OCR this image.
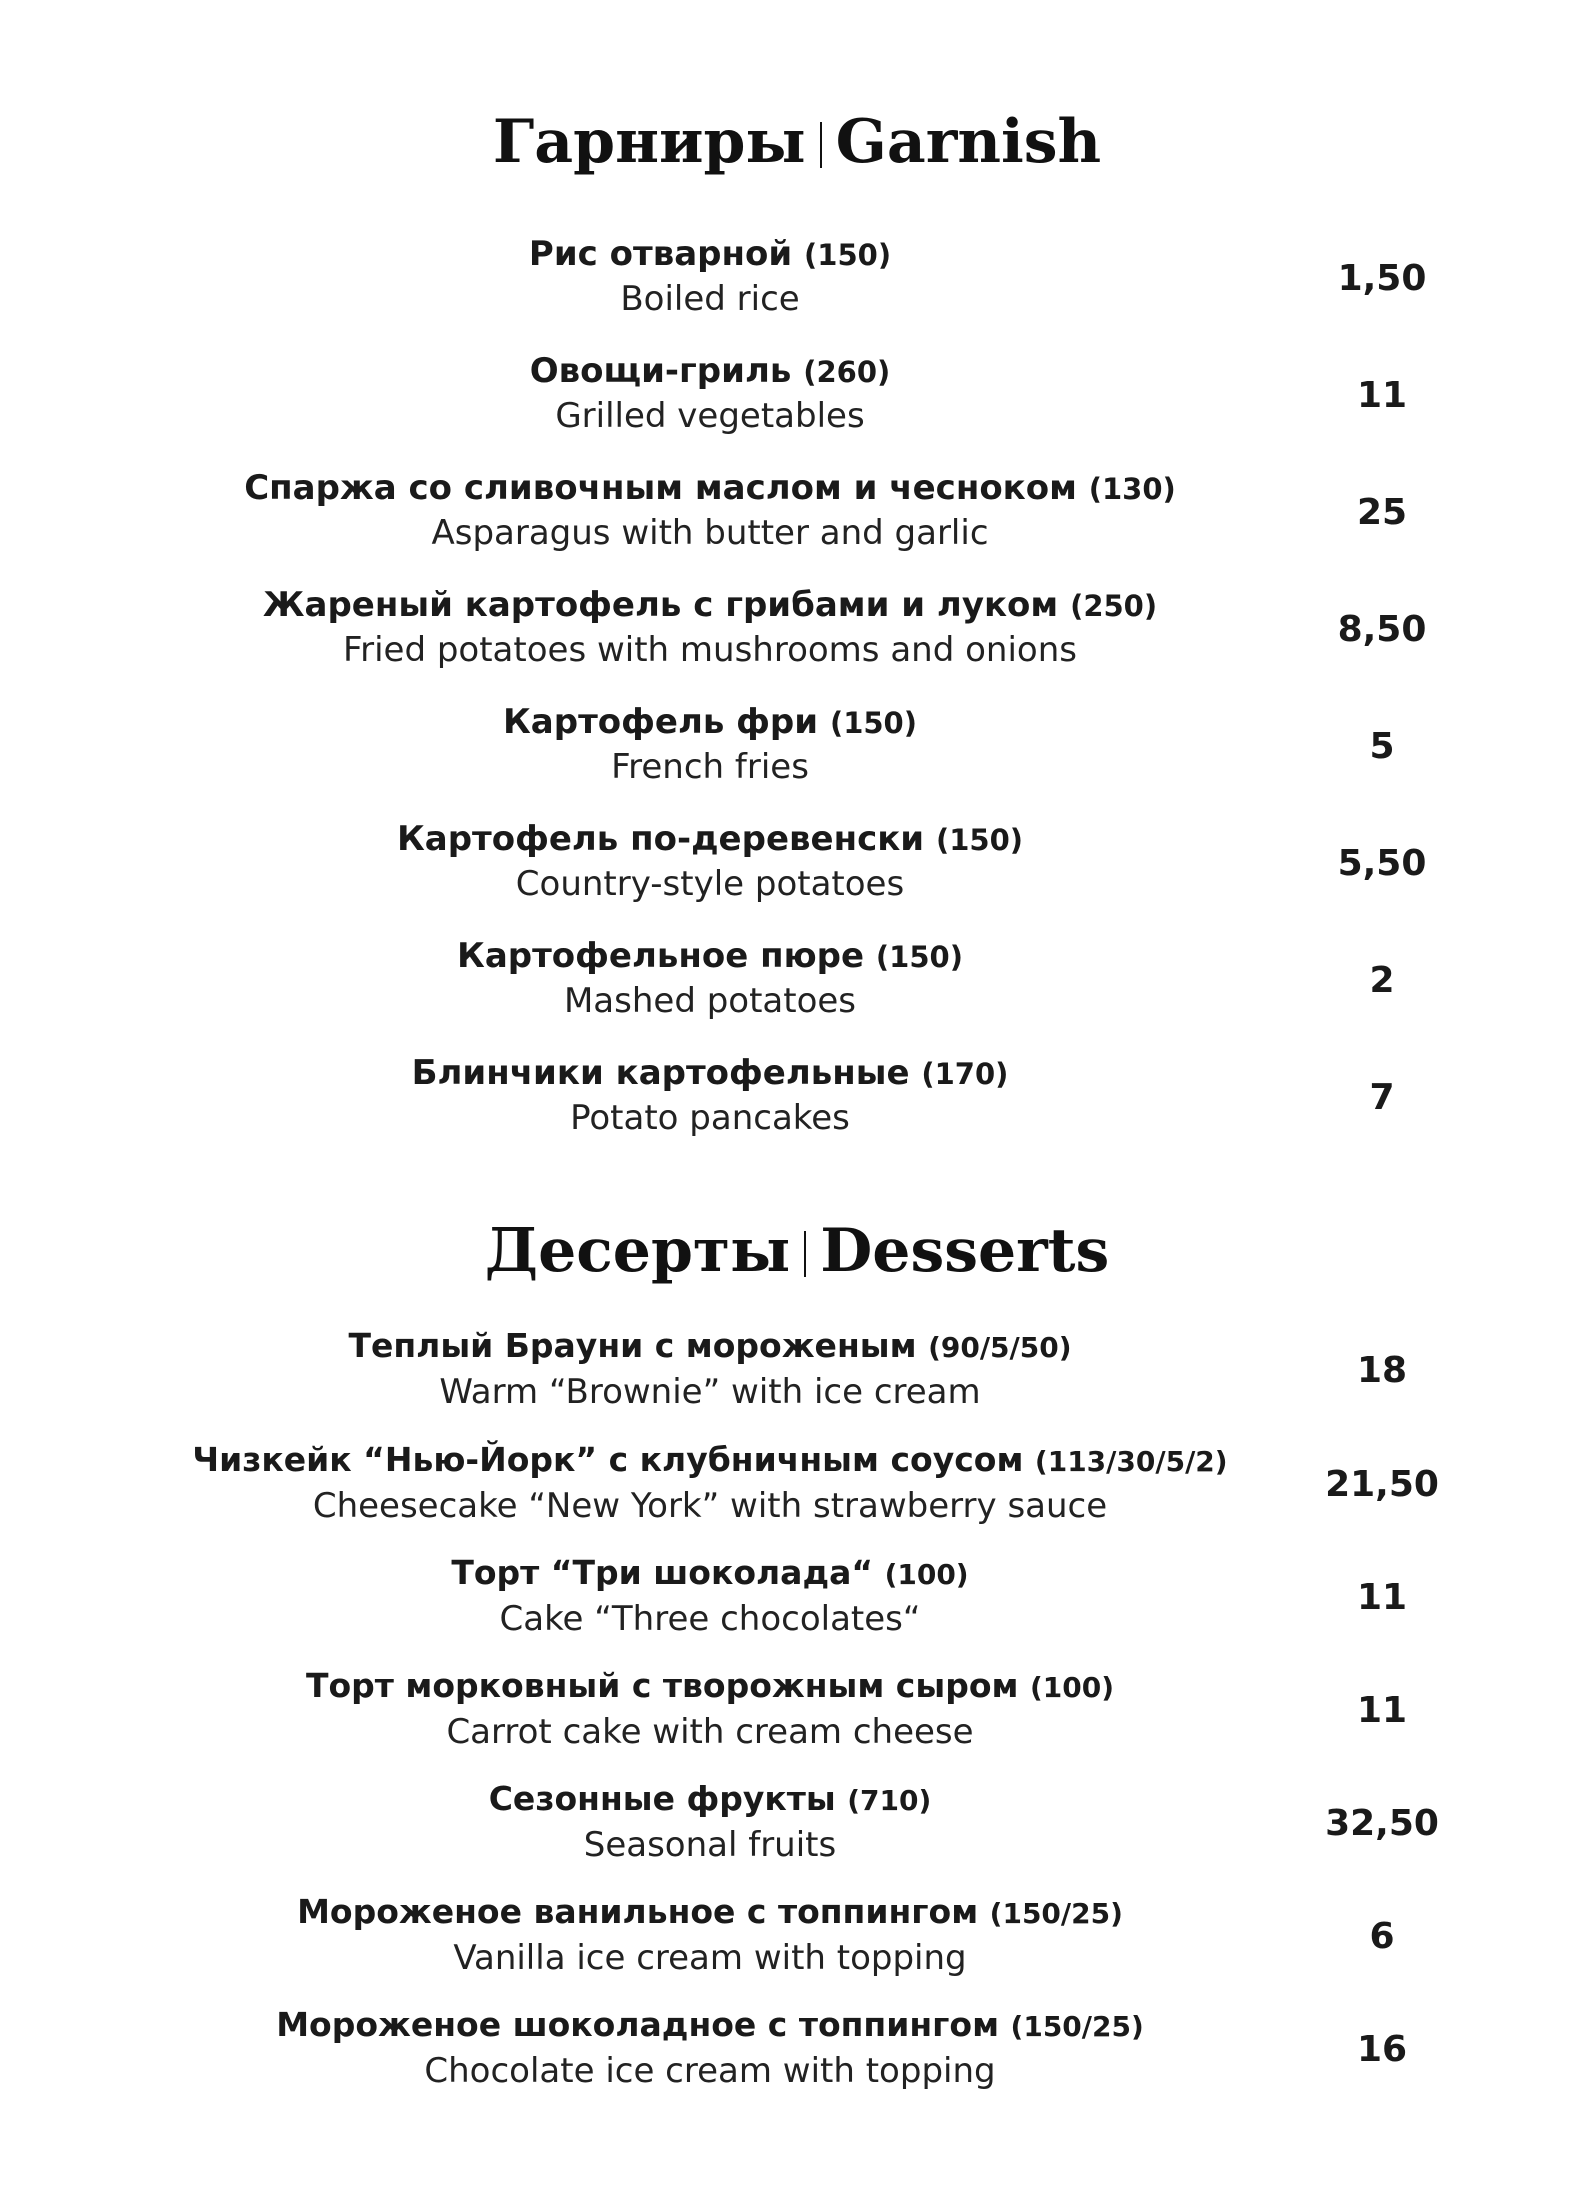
Гарниры Garnish
Рис отварной (150)
Boiled rice	1,50
Овощи-гриль (260)
Grilled vegetables	11
Спаржа со сливочным маслом и чесноком (130)
Asparagus with butter and garlic	25
Жареный картофель с грибами и луком (250)
Fried potatoes with mushrooms and onions	8,50
Картофель фри (150)
French fries	5
Картофель по-деревенски (150)
Country-style potatoes	5,50
Картофельное пюре (150)
Mashed potatoes	2
Блинчики картофельные (170)
Potato pancakes	7
Десерты Desserts
Теплый Брауни с мороженым (90/5/50)
Warm “Brownie” with ice cream
18
Чизкейк “Нью-Йорк” с клубничным соусом (113/30/5/2)
Cheesecake “New York” with strawberry sauce
21,50
Торт “Три шоколада“ (100)
Cake “Three chocolates“
11
Торт морковный с творожным сыром (100)
Carrot cake with cream cheese
11
Сезонные фрукты (710)
Seasonal fruits
32,50
Мороженое ванильное с топпингом (150/25)
Vanilla ice cream with topping
6
Мороженое шоколадное с топпингом (150/25)
Chocolate ice cream with topping
16
